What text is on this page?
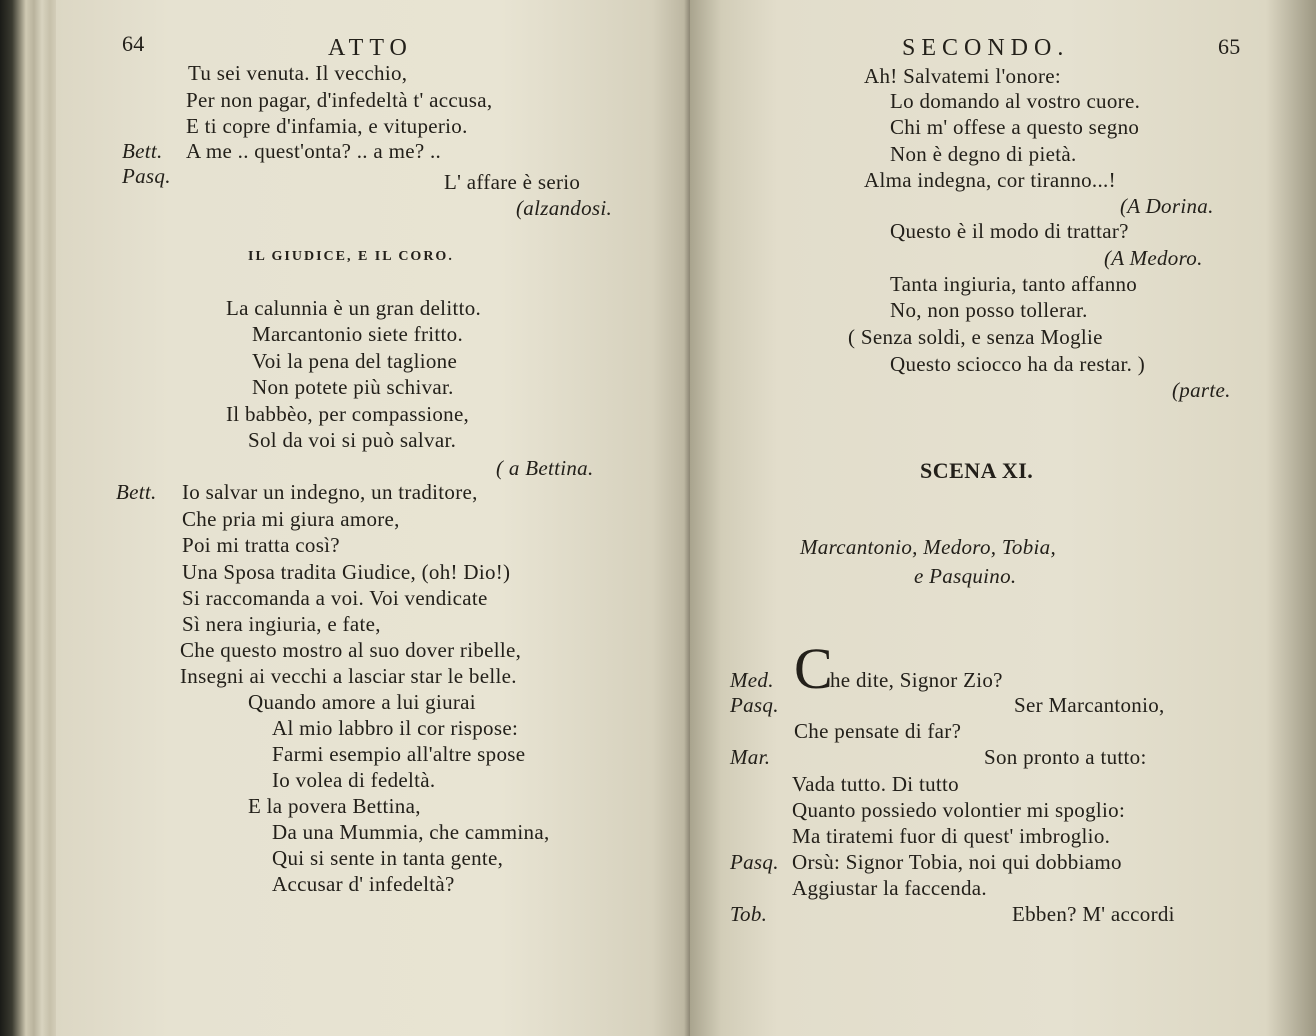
64	ATTO
Tu sei venuta. Il vecchio,
Per non pagar, d'infedeltà t' accusa,
E ti copre d'infamia, e vituperio.
Bett. A me .. quest'onta? .. a me? ..
Pasq.	L' affare è serio
(alzandosi.
IL GIUDICE, E IL CORO.
La calunnia è un gran delitto.
Marcantonio siete fritto.
Voi la pena del taglione
Non potete più schivar.
Il babbèo, per compassione,
Sol da voi si può salvar.
( a Bettina.
Bett. Io salvar un indegno, un traditore,
Che pria mi giura amore,
Poi mi tratta così?
Una Sposa tradita Giudice, (oh! Dio!)
Si raccomanda a voi. Voi vendicate
Sì nera ingiuria, e fate,
Che questo mostro al suo dover ribelle,
Insegni ai vecchi a lasciar star le belle.
Quando amore a lui giurai
Al mio labbro il cor rispose:
Farmi esempio all'altre spose
Io volea di fedeltà.
E la povera Bettina,
Da una Mummia, che cammina,
Qui si sente in tanta gente,
Accusar d' infedeltà?
SECONDO.	65
Ah! Salvatemi l'onore:
Lo domando al vostro cuore.
Chi m' offese a questo segno
Non è degno di pietà.
Alma indegna, cor tiranno...!
(A Dorina.
Questo è il modo di trattar?
(A Medoro.
Tanta ingiuria, tanto affanno
No, non posso tollerar.
( Senza soldi, e senza Moglie
Questo sciocco ha da restar. )
(parte.
SCENA XI.
Marcantonio, Medoro, Tobia,
e Pasquino.
Med. C
he dite, Signor Zio?
Pasq.	Ser Marcantonio,
Che pensate di far?
Mar.	Son pronto a tutto:
Vada tutto. Di tutto
Quanto possiedo volontier mi spoglio:
Ma tiratemi fuor di quest' imbroglio.
Pasq. Orsù: Signor Tobia, noi qui dobbiamo
Aggiustar la faccenda.
Tob.	Ebben? M' accordi
